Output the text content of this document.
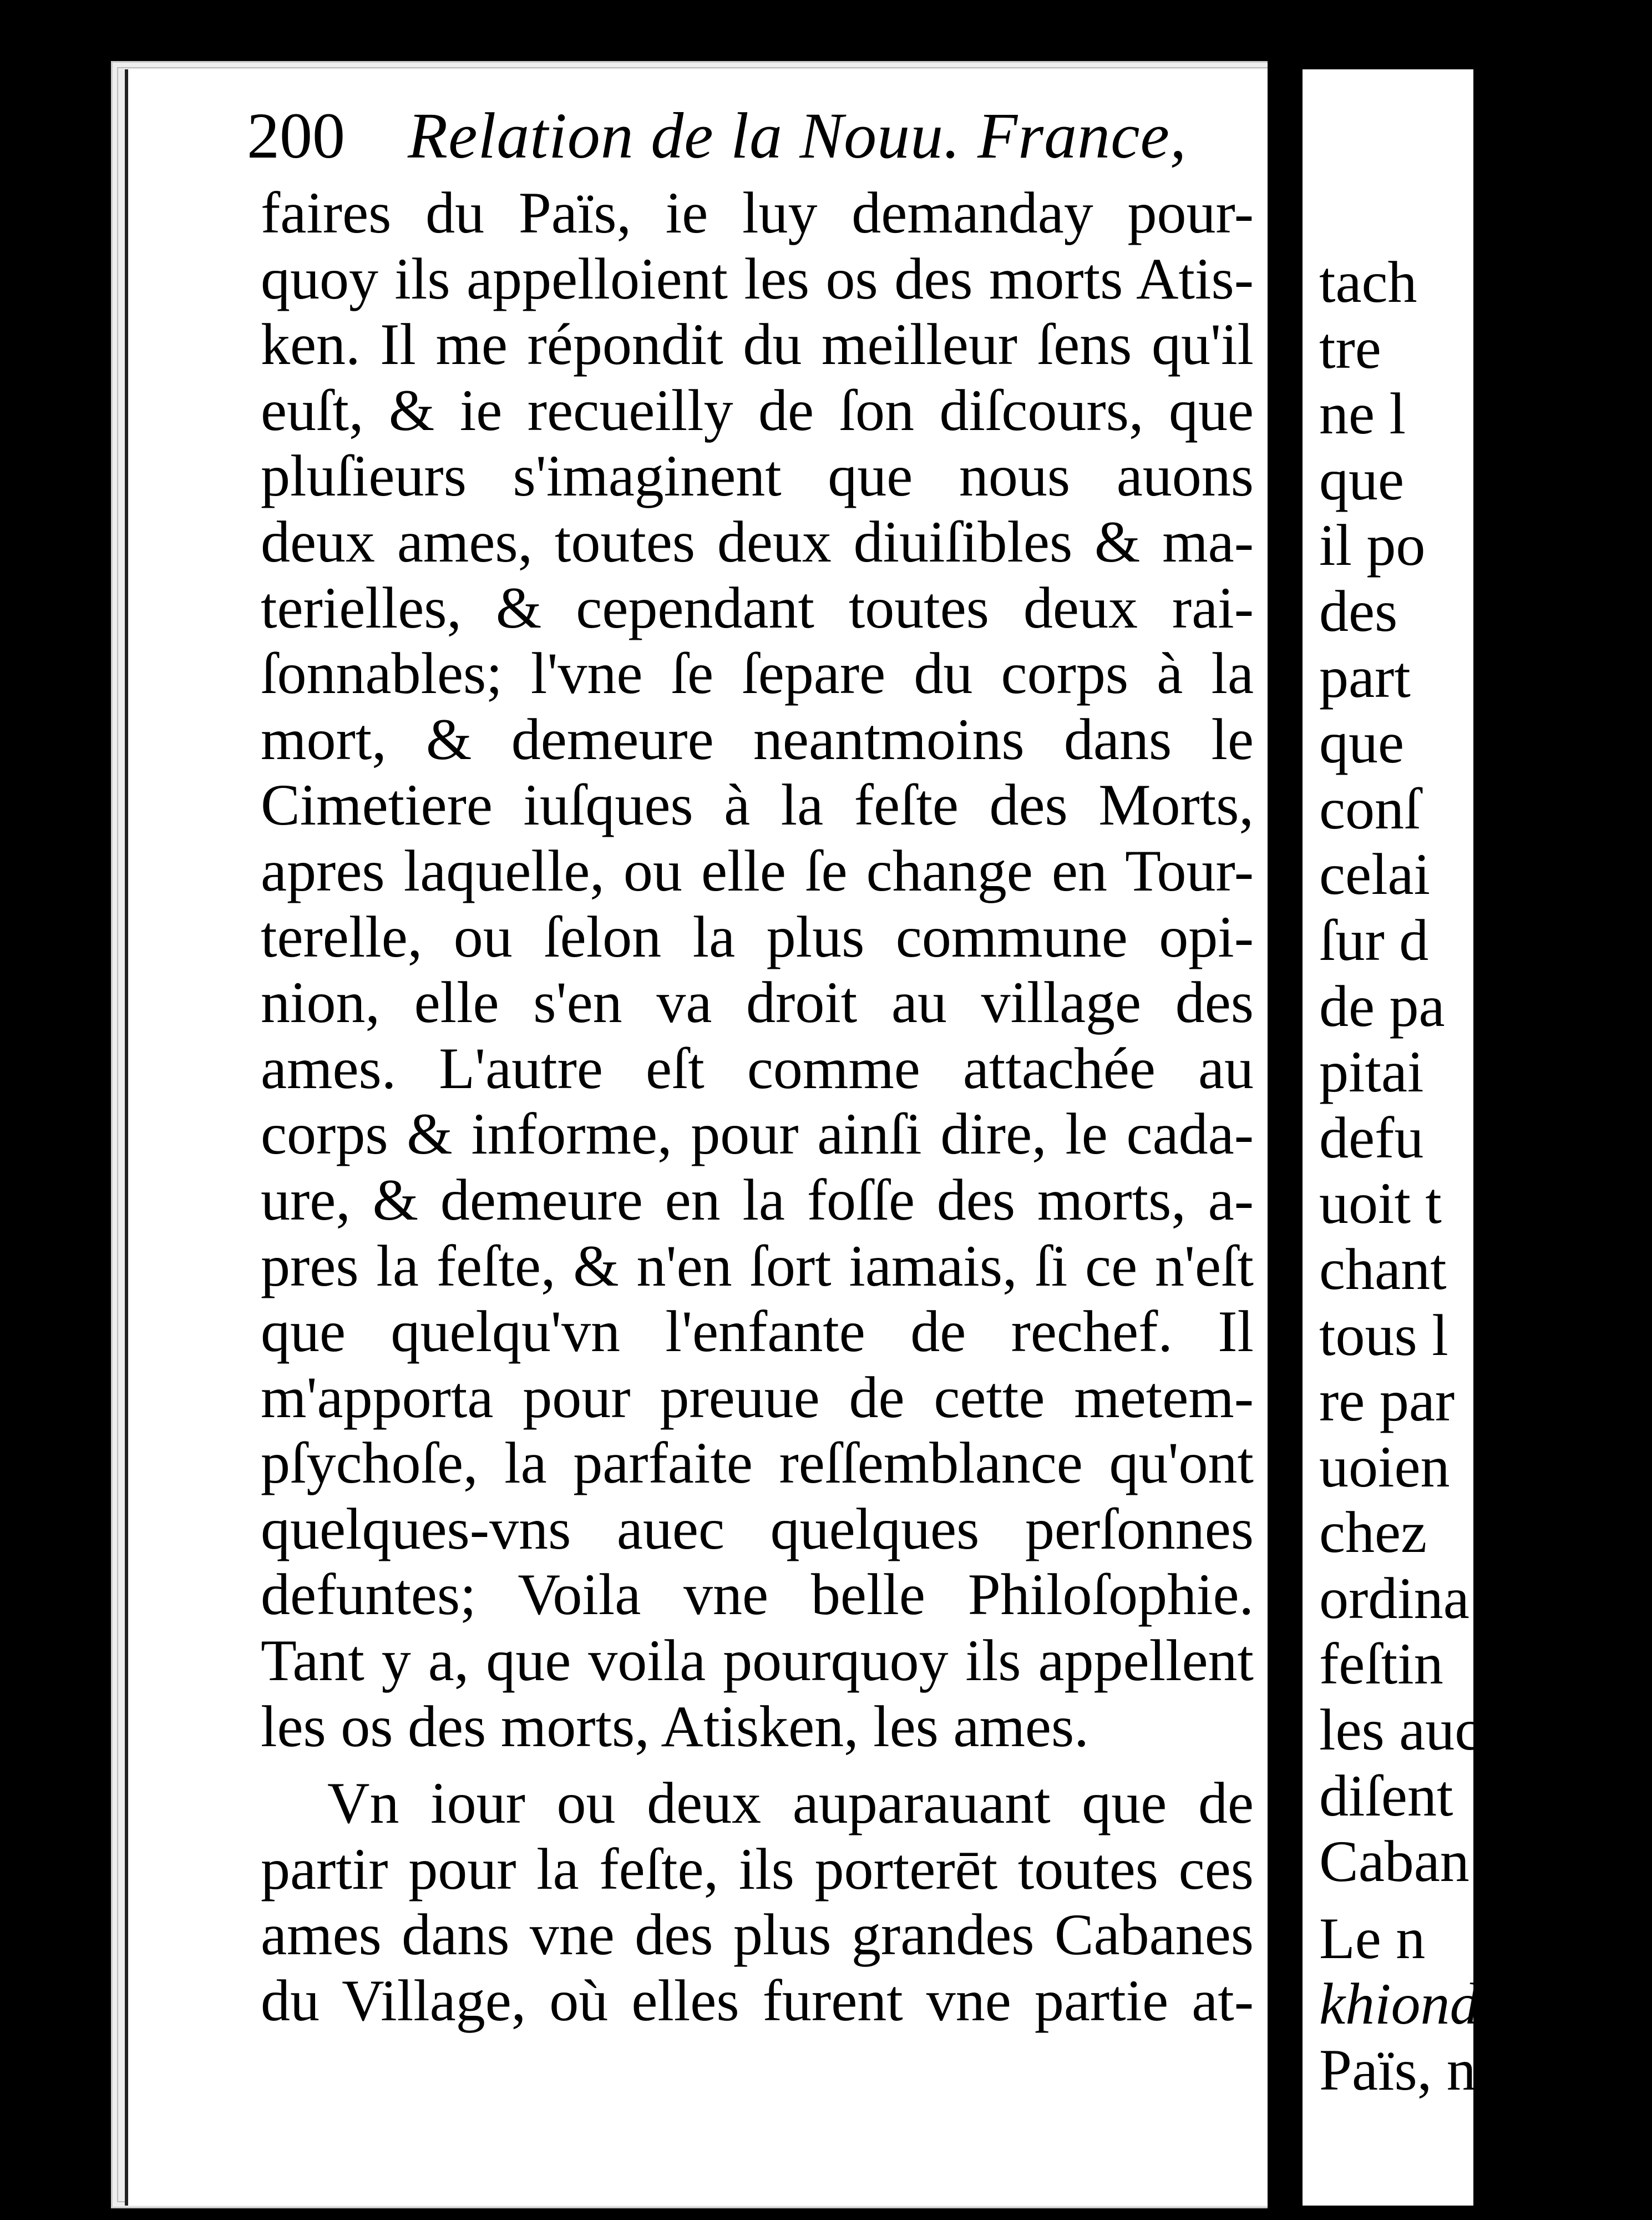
200 Relation de la Nouu. France,
faires du Païs, ie luy demanday pour-
quoy ils appelloient les os des morts Atis-
ken. Il me répondit du meilleur ſens qu'il
euſt, & ie recueilly de ſon diſcours, que
pluſieurs s'imaginent que nous auons
deux ames, toutes deux diuiſibles & ma-
terielles, & cependant toutes deux rai-
ſonnables; l'vne ſe ſepare du corps à la
mort, & demeure neantmoins dans le
Cimetiere iuſques à la feſte des Morts,
apres laquelle, ou elle ſe change en Tour-
terelle, ou ſelon la plus commune opi-
nion, elle s'en va droit au village des
ames. L'autre eſt comme attachée au
corps & informe, pour ainſi dire, le cada-
ure, & demeure en la foſſe des morts, a-
pres la feſte, & n'en ſort iamais, ſi ce n'eſt
que quelqu'vn l'enfante de rechef. Il
m'apporta pour preuue de cette metem-
pſychoſe, la parfaite reſſemblance qu'ont
quelques-vns auec quelques perſonnes
defuntes; Voila vne belle Philoſophie.
Tant y a, que voila pourquoy ils appellent
les os des morts, Atisken, les ames.
Vn iour ou deux auparauant que de
partir pour la feſte, ils porterēt toutes ces
ames dans vne des plus grandes Cabanes
du Village, où elles furent vne partie at-
tach
tre
ne l
que
il po
des
part
que
conſ
celai
ſur d
de pa
pitai
defu
uoit t
chant
tous l
re par
uoien
chez
ordina
feſtin
les auc
diſent
Caban
Le n
khiondi
Païs, n
